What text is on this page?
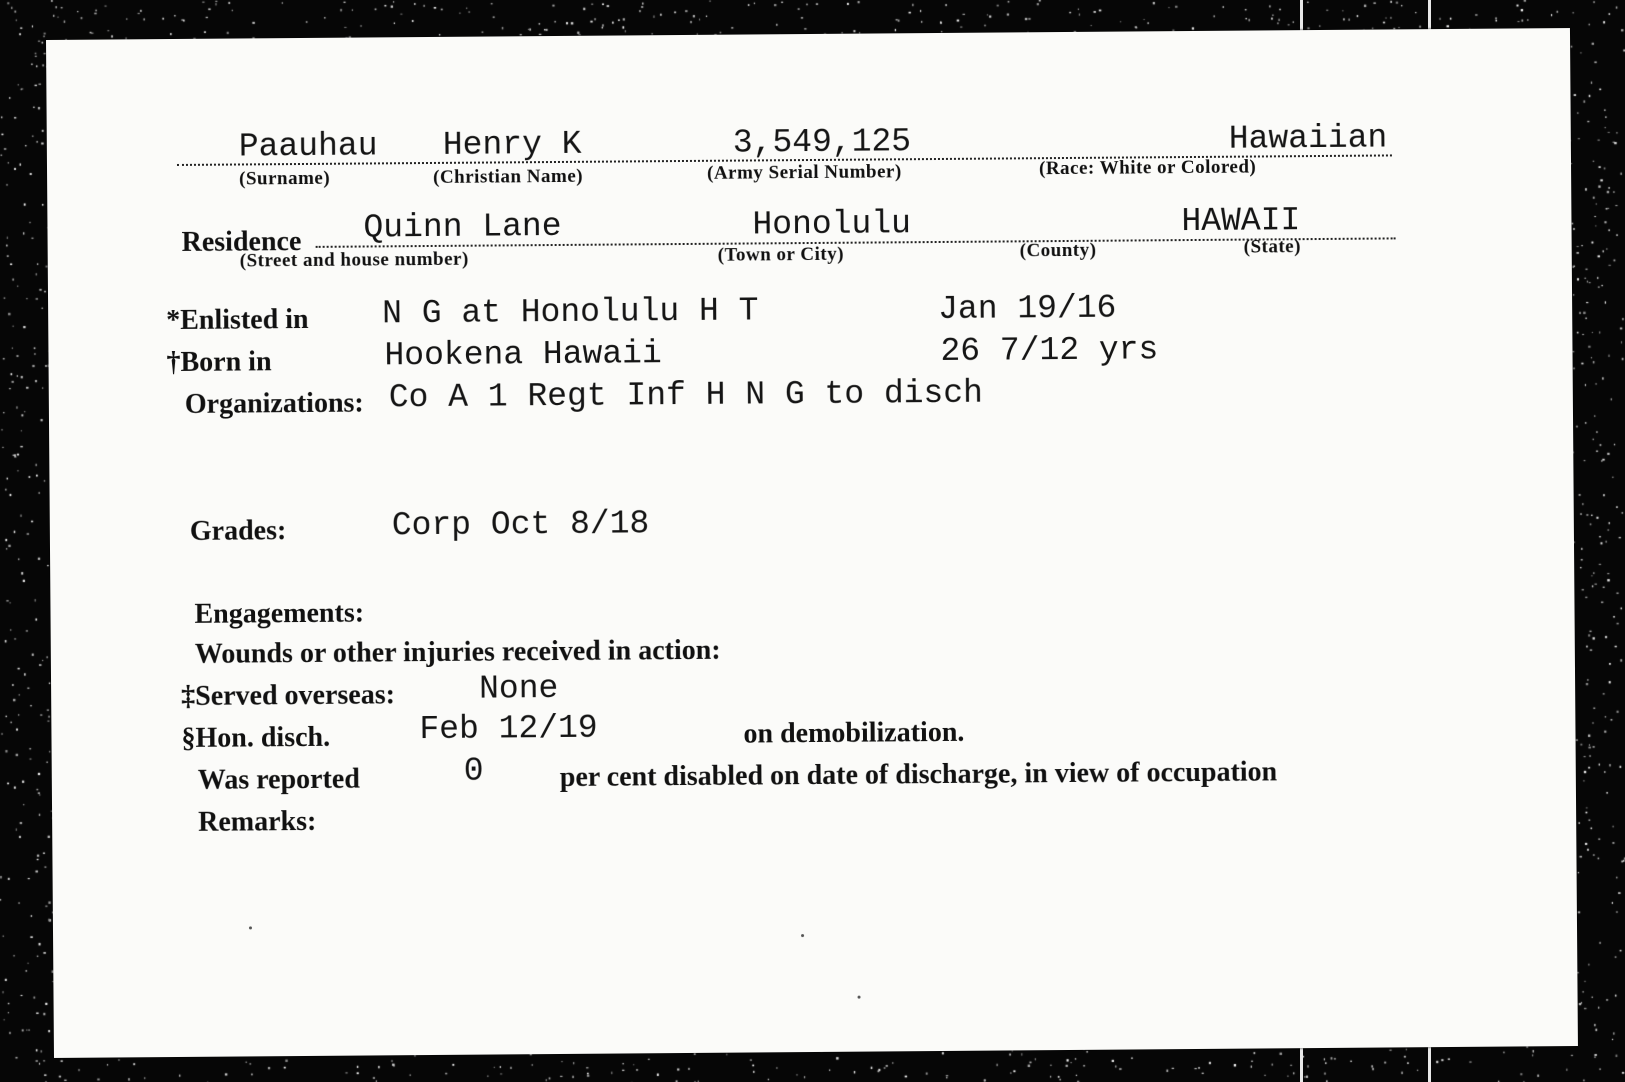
Paauhau Henry K	3,549,125	Hawaiian
(Surname)	(Christian Name)	(Army Serial Number)	(Race: White or Colored)
Residence Quinn Lane	Honolulu	HAWAII
(Street and house number)	(Town or City)	(County)	(State)
*Enlisted in N G at Honolulu H T	Jan 19/16
†Born in	Hookena Hawaii	26 7/12 yrs
Organizations: Co A 1 Regt Inf H N G to disch
Grades:	Corp Oct 8/18
Engagements:
Wounds or other injuries received in action:
‡Served overseas:	None
§Hon. disch.	Feb 12/19	on demobilization.
Was reported	0	per cent disabled on date of discharge, in view of occupation
Remarks:
